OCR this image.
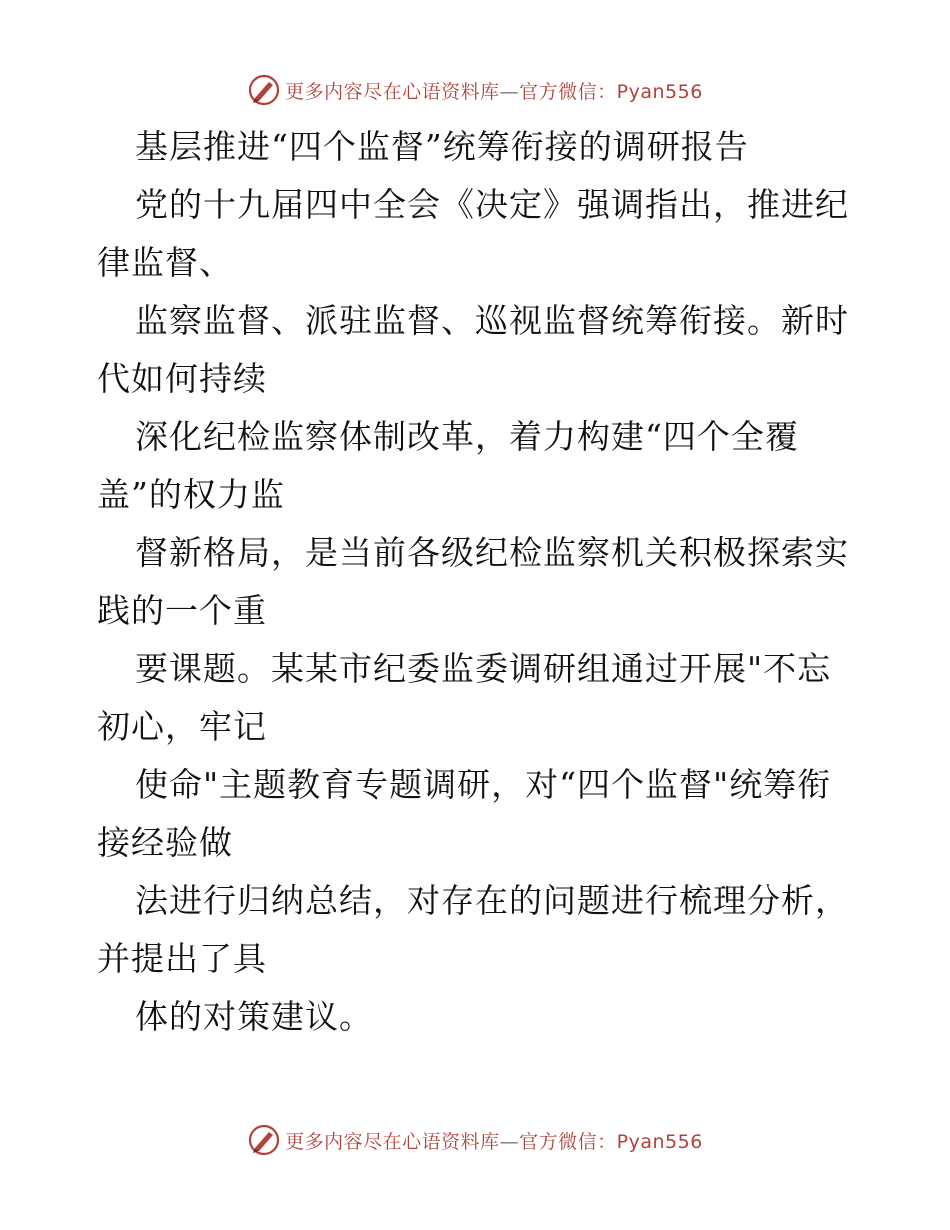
更多内容尽在心语资料库—官方微信：Pyan556
基层推进“四个监督”统筹衔接的调研报告
党的十九届四中全会《决定》强调指出，推进纪
律监督、
监察监督、派驻监督、巡视监督统筹衔接。新时
代如何持续
深化纪检监察体制改革，着力构建“四个全覆
盖”的权力监
督新格局，是当前各级纪检监察机关积极探索实
践的一个重
要课题。某某市纪委监委调研组通过开展"不忘
初心，牢记
使命"主题教育专题调研，对“四个监督"统筹衔
接经验做
法进行归纳总结，对存在的问题进行梳理分析，
并提出了具
体的对策建议。
更多内容尽在心语资料库—官方微信：Pyan556
